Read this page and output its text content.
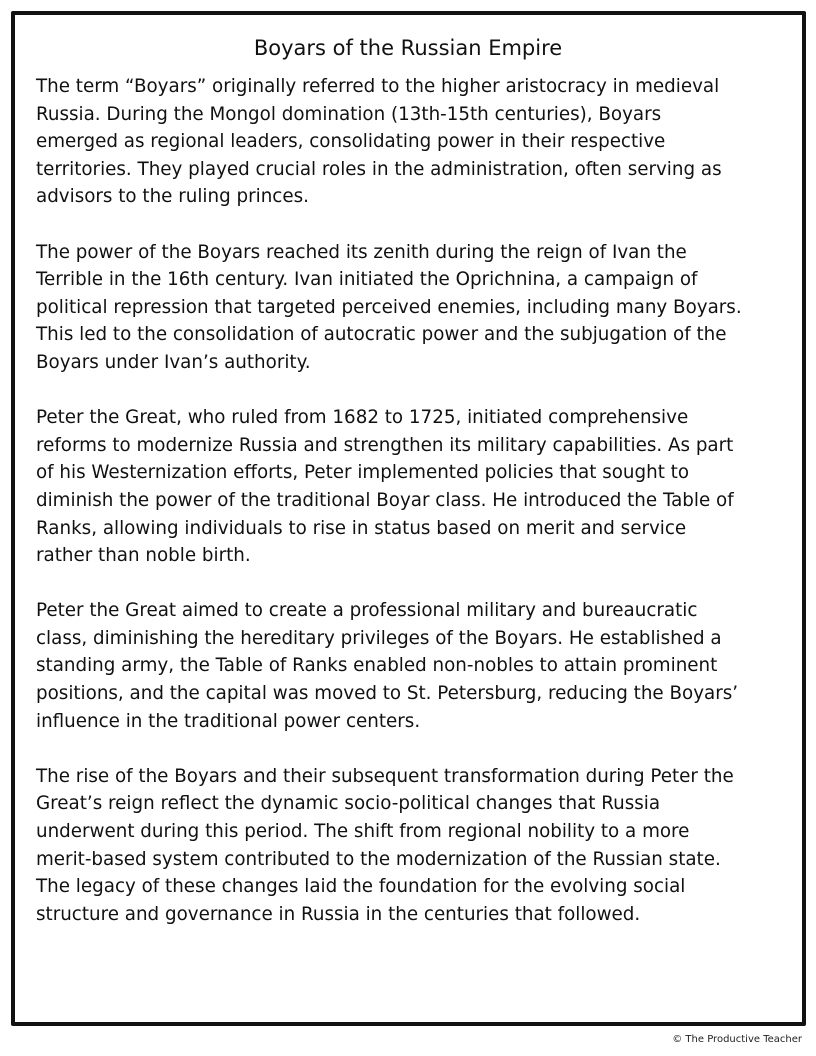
Boyars of the Russian Empire
The term “Boyars” originally referred to the higher aristocracy in medieval
Russia. During the Mongol domination (13th-15th centuries), Boyars
emerged as regional leaders, consolidating power in their respective
territories. They played crucial roles in the administration, often serving as
advisors to the ruling princes.
The power of the Boyars reached its zenith during the reign of Ivan the
Terrible in the 16th century. Ivan initiated the Oprichnina, a campaign of
political repression that targeted perceived enemies, including many Boyars.
This led to the consolidation of autocratic power and the subjugation of the
Boyars under Ivan’s authority.
Peter the Great, who ruled from 1682 to 1725, initiated comprehensive
reforms to modernize Russia and strengthen its military capabilities. As part
of his Westernization efforts, Peter implemented policies that sought to
diminish the power of the traditional Boyar class. He introduced the Table of
Ranks, allowing individuals to rise in status based on merit and service
rather than noble birth.
Peter the Great aimed to create a professional military and bureaucratic
class, diminishing the hereditary privileges of the Boyars. He established a
standing army, the Table of Ranks enabled non-nobles to attain prominent
positions, and the capital was moved to St. Petersburg, reducing the Boyars’
influence in the traditional power centers.
The rise of the Boyars and their subsequent transformation during Peter the
Great’s reign reflect the dynamic socio-political changes that Russia
underwent during this period. The shift from regional nobility to a more
merit-based system contributed to the modernization of the Russian state.
The legacy of these changes laid the foundation for the evolving social
structure and governance in Russia in the centuries that followed.
© The Productive Teacher
